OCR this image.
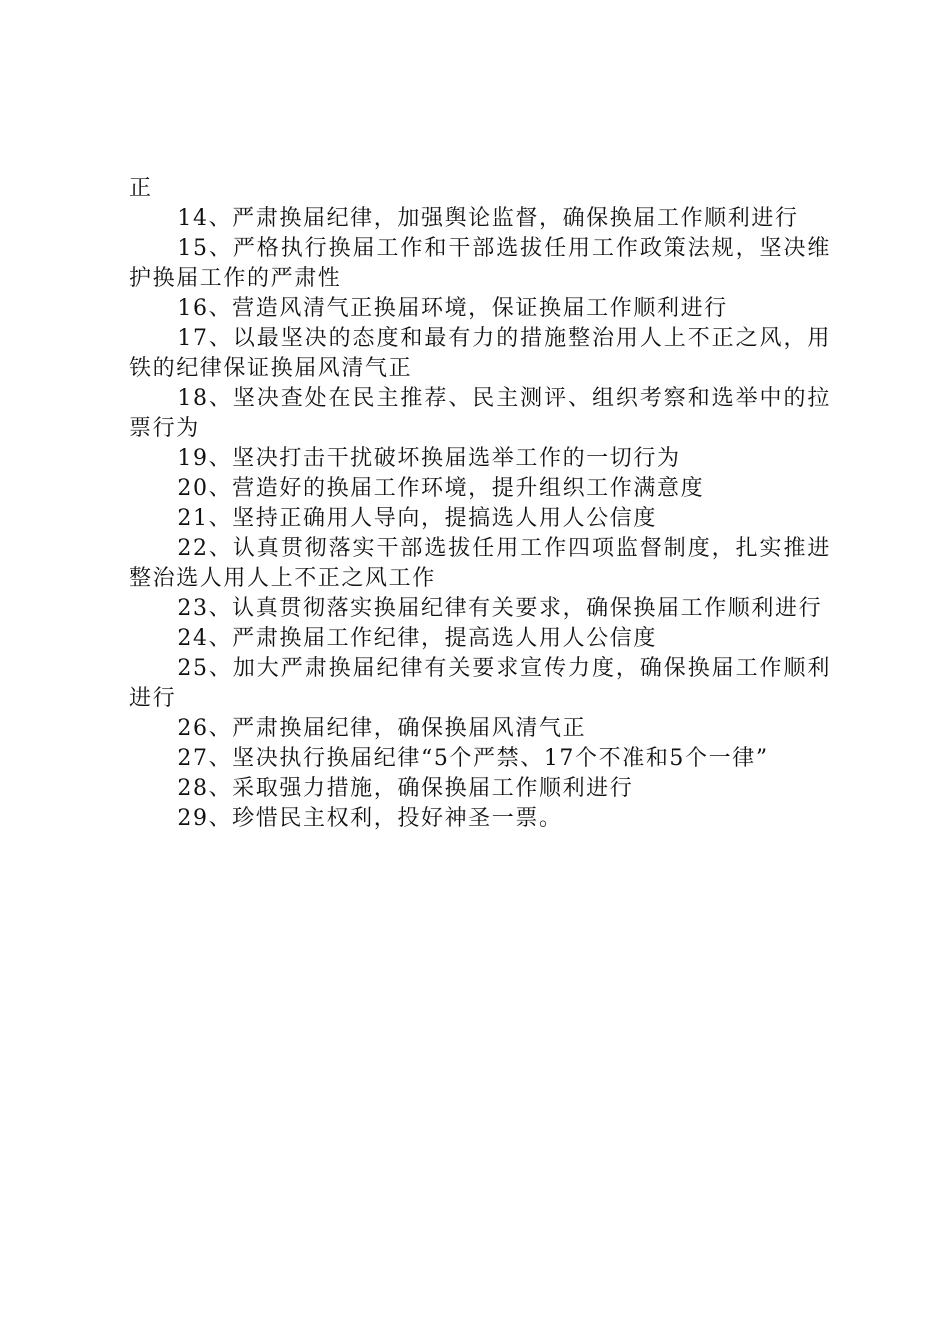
正

14、严肃换届纪律，加强舆论监督，确保换届工作顺利进行

15、严格执行换届工作和干部选拔任用工作政策法规，坚决维护换届工作的严肃性

16、营造风清气正换届环境，保证换届工作顺利进行

17、以最坚决的态度和最有力的措施整治用人上不正之风，用铁的纪律保证换届风清气正

18、坚决查处在民主推荐、民主测评、组织考察和选举中的拉票行为

19、坚决打击干扰破坏换届选举工作的一切行为

20、营造好的换届工作环境，提升组织工作满意度

21、坚持正确用人导向，提搞选人用人公信度

22、认真贯彻落实干部选拔任用工作四项监督制度，扎实推进整治选人用人上不正之风工作

23、认真贯彻落实换届纪律有关要求，确保换届工作顺利进行

24、严肃换届工作纪律，提高选人用人公信度

25、加大严肃换届纪律有关要求宣传力度，确保换届工作顺利进行

26、严肃换届纪律，确保换届风清气正

27、坚决执行换届纪律“5个严禁、17个不准和5个一律”

28、采取强力措施，确保换届工作顺利进行

29、珍惜民主权利，投好神圣一票。
